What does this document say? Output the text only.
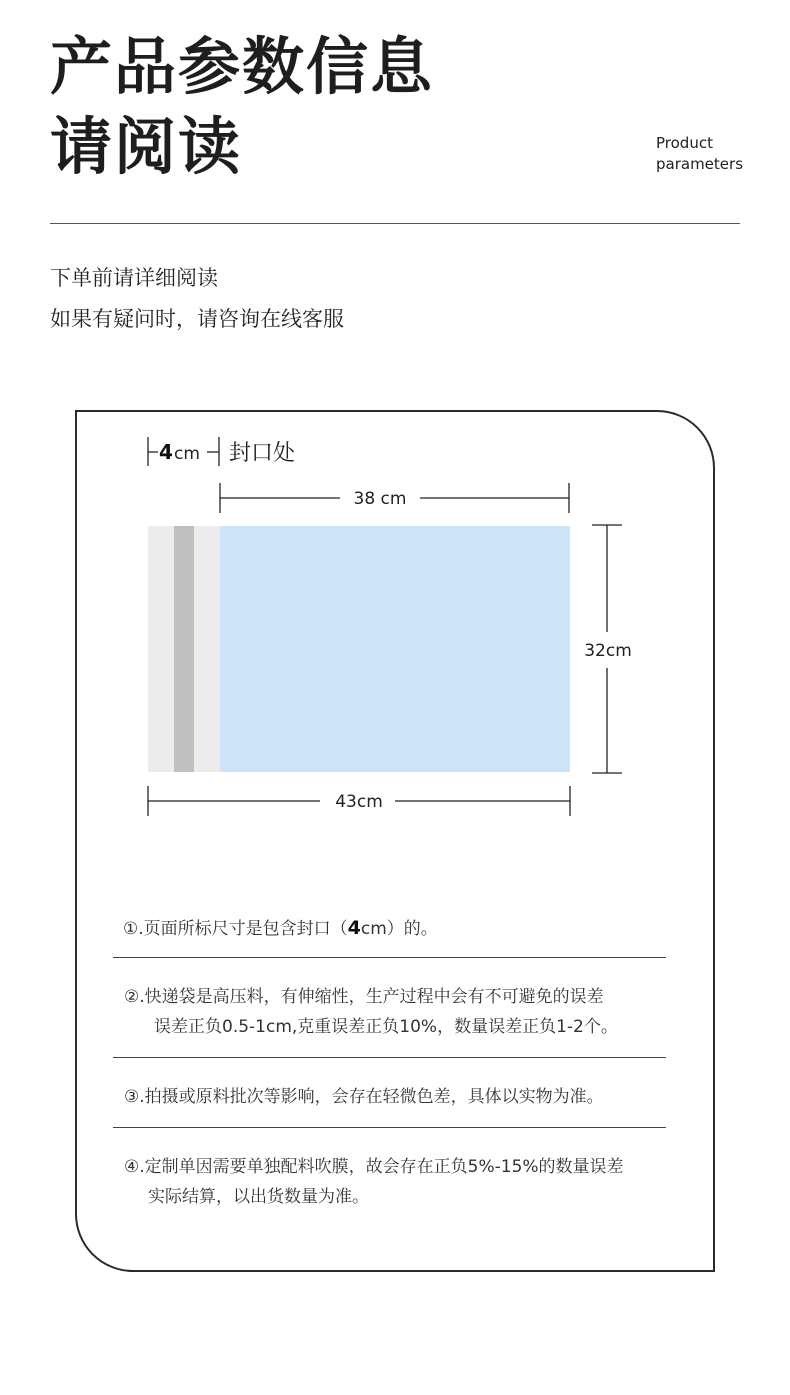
产品参数信息
请阅读	Product
parameters
下单前请详细阅读
如果有疑问时，请咨询在线客服
4 cm 封口处
38 cm
32cm
43cm
①.页面所标尺寸是包含封口（4cm）的。
②.快递袋是高压料，有伸缩性，生产过程中会有不可避免的误差
误差正负0.5-1cm,克重误差正负10%，数量误差正负1-2个。
③.拍摄或原料批次等影响，会存在轻微色差，具体以实物为准。
④.定制单因需要单独配料吹膜，故会存在正负5%-15%的数量误差
实际结算，以出货数量为准。
